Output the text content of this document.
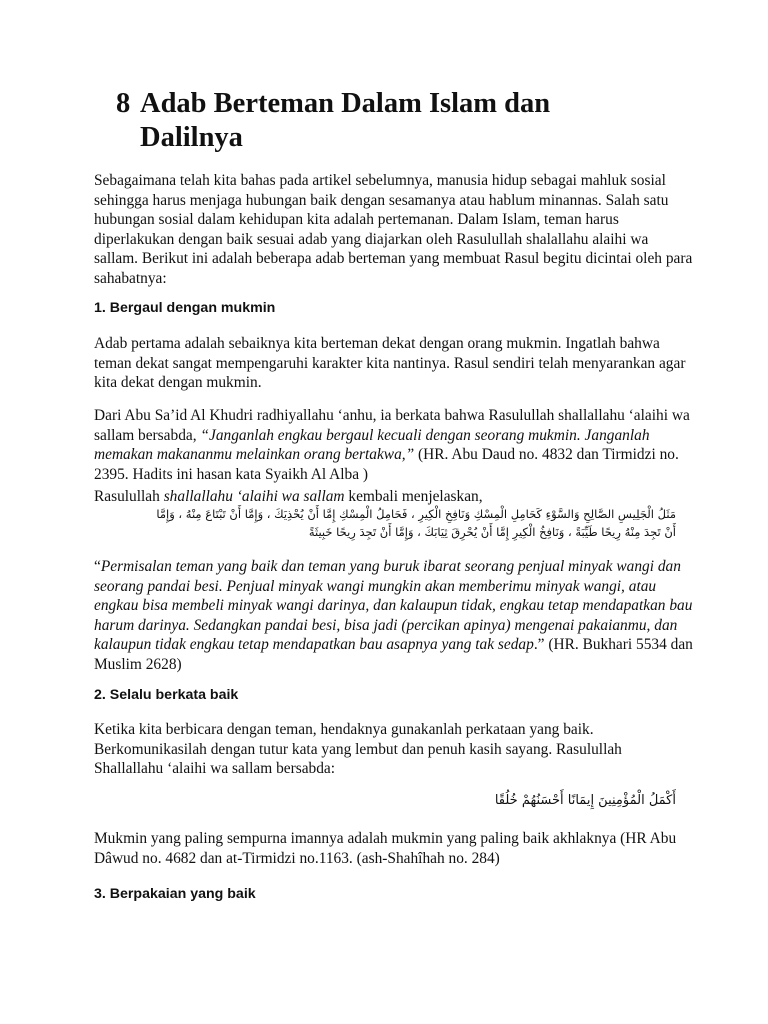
8 Adab Berteman Dalam Islam dan Dalilnya

Sebagaimana telah kita bahas pada artikel sebelumnya, manusia hidup sebagai mahluk sosial sehingga harus menjaga hubungan baik dengan sesamanya atau hablum minannas. Salah satu hubungan sosial dalam kehidupan kita adalah pertemanan. Dalam Islam, teman harus diperlakukan dengan baik sesuai adab yang diajarkan oleh Rasulullah shalallahu alaihi wa sallam. Berikut ini adalah beberapa adab berteman yang membuat Rasul begitu dicintai oleh para sahabatnya:

1. Bergaul dengan mukmin

Adab pertama adalah sebaiknya kita berteman dekat dengan orang mukmin. Ingatlah bahwa teman dekat sangat mempengaruhi karakter kita nantinya. Rasul sendiri telah menyarankan agar kita dekat dengan mukmin.

Dari Abu Sa’id Al Khudri radhiyallahu ‘anhu, ia berkata bahwa Rasulullah shallallahu ‘alaihi wa sallam bersabda, “Janganlah engkau bergaul kecuali dengan seorang mukmin. Janganlah memakan makananmu melainkan orang bertakwa,” (HR. Abu Daud no. 4832 dan Tirmidzi no. 2395. Hadits ini hasan kata Syaikh Al Alba )

Rasulullah shallallahu ‘alaihi wa sallam kembali menjelaskan,

مَثَلُ الْجَلِيسِ الصَّالِحِ وَالسَّوْءِ كَحَامِلِ الْمِسْكِ وَنَافِخِ الْكِيرِ ، فَحَامِلُ الْمِسْكِ إِمَّا أَنْ يُحْذِيَكَ ، وَإِمَّا أَنْ تَبْتَاعَ مِنْهُ ، وَإِمَّا
أَنْ تَجِدَ مِنْهُ رِيحًا طَيِّبَةً ، وَنَافِخُ الْكِيرِ إِمَّا أَنْ يُحْرِقَ ثِيَابَكَ ، وَإِمَّا أَنْ تَجِدَ رِيحًا خَبِيثَةً

“Permisalan teman yang baik dan teman yang buruk ibarat seorang penjual minyak wangi dan seorang pandai besi. Penjual minyak wangi mungkin akan memberimu minyak wangi, atau engkau bisa membeli minyak wangi darinya, dan kalaupun tidak, engkau tetap mendapatkan bau harum darinya. Sedangkan pandai besi, bisa jadi (percikan apinya) mengenai pakaianmu, dan kalaupun tidak engkau tetap mendapatkan bau asapnya yang tak sedap.” (HR. Bukhari 5534 dan Muslim 2628)

2. Selalu berkata baik

Ketika kita berbicara dengan teman, hendaknya gunakanlah perkataan yang baik. Berkomunikasilah dengan tutur kata yang lembut dan penuh kasih sayang. Rasulullah Shallallahu ‘alaihi wa sallam bersabda:

أَكْمَلُ الْمُؤْمِنِينَ إِيمَانًا أَحْسَنُهُمْ خُلُقًا

Mukmin yang paling sempurna imannya adalah mukmin yang paling baik akhlaknya (HR Abu Dâwud no. 4682 dan at-Tirmidzi no.1163. (ash-Shahîhah no. 284)

3. Berpakaian yang baik
